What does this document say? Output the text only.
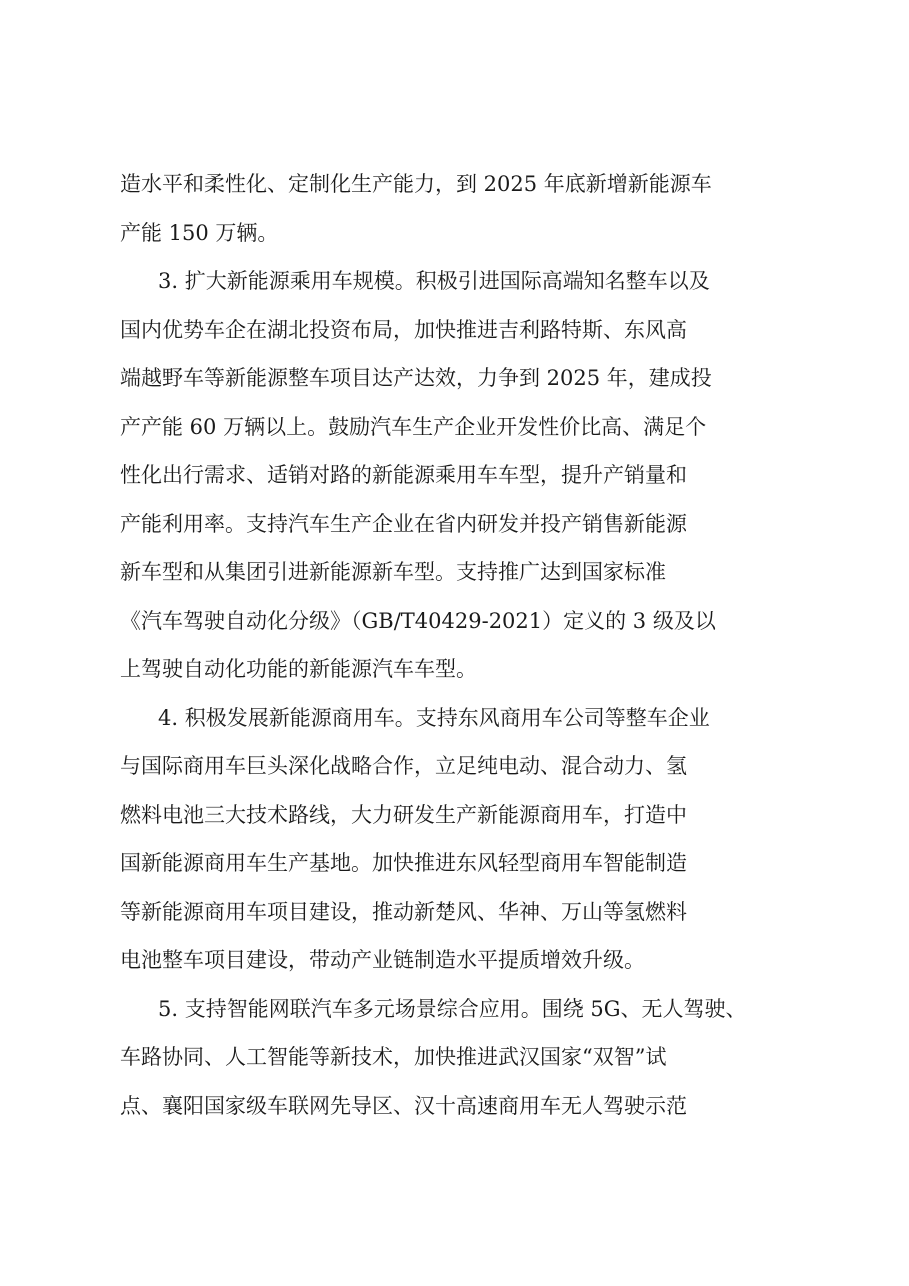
造水平和柔性化、定制化生产能力，到 2025 年底新增新能源车
产能 150 万辆。
3. 扩大新能源乘用车规模。积极引进国际高端知名整车以及
国内优势车企在湖北投资布局，加快推进吉利路特斯、东风高
端越野车等新能源整车项目达产达效，力争到 2025 年，建成投
产产能 60 万辆以上。鼓励汽车生产企业开发性价比高、满足个
性化出行需求、适销对路的新能源乘用车车型，提升产销量和
产能利用率。支持汽车生产企业在省内研发并投产销售新能源
新车型和从集团引进新能源新车型。支持推广达到国家标准
《汽车驾驶自动化分级》（GB/T40429-2021）定义的 3 级及以
上驾驶自动化功能的新能源汽车车型。
4. 积极发展新能源商用车。支持东风商用车公司等整车企业
与国际商用车巨头深化战略合作，立足纯电动、混合动力、氢
燃料电池三大技术路线，大力研发生产新能源商用车，打造中
国新能源商用车生产基地。加快推进东风轻型商用车智能制造
等新能源商用车项目建设，推动新楚风、华神、万山等氢燃料
电池整车项目建设，带动产业链制造水平提质增效升级。
5. 支持智能网联汽车多元场景综合应用。围绕 5G、无人驾驶、
车路协同、人工智能等新技术，加快推进武汉国家“双智”试
点、襄阳国家级车联网先导区、汉十高速商用车无人驾驶示范
